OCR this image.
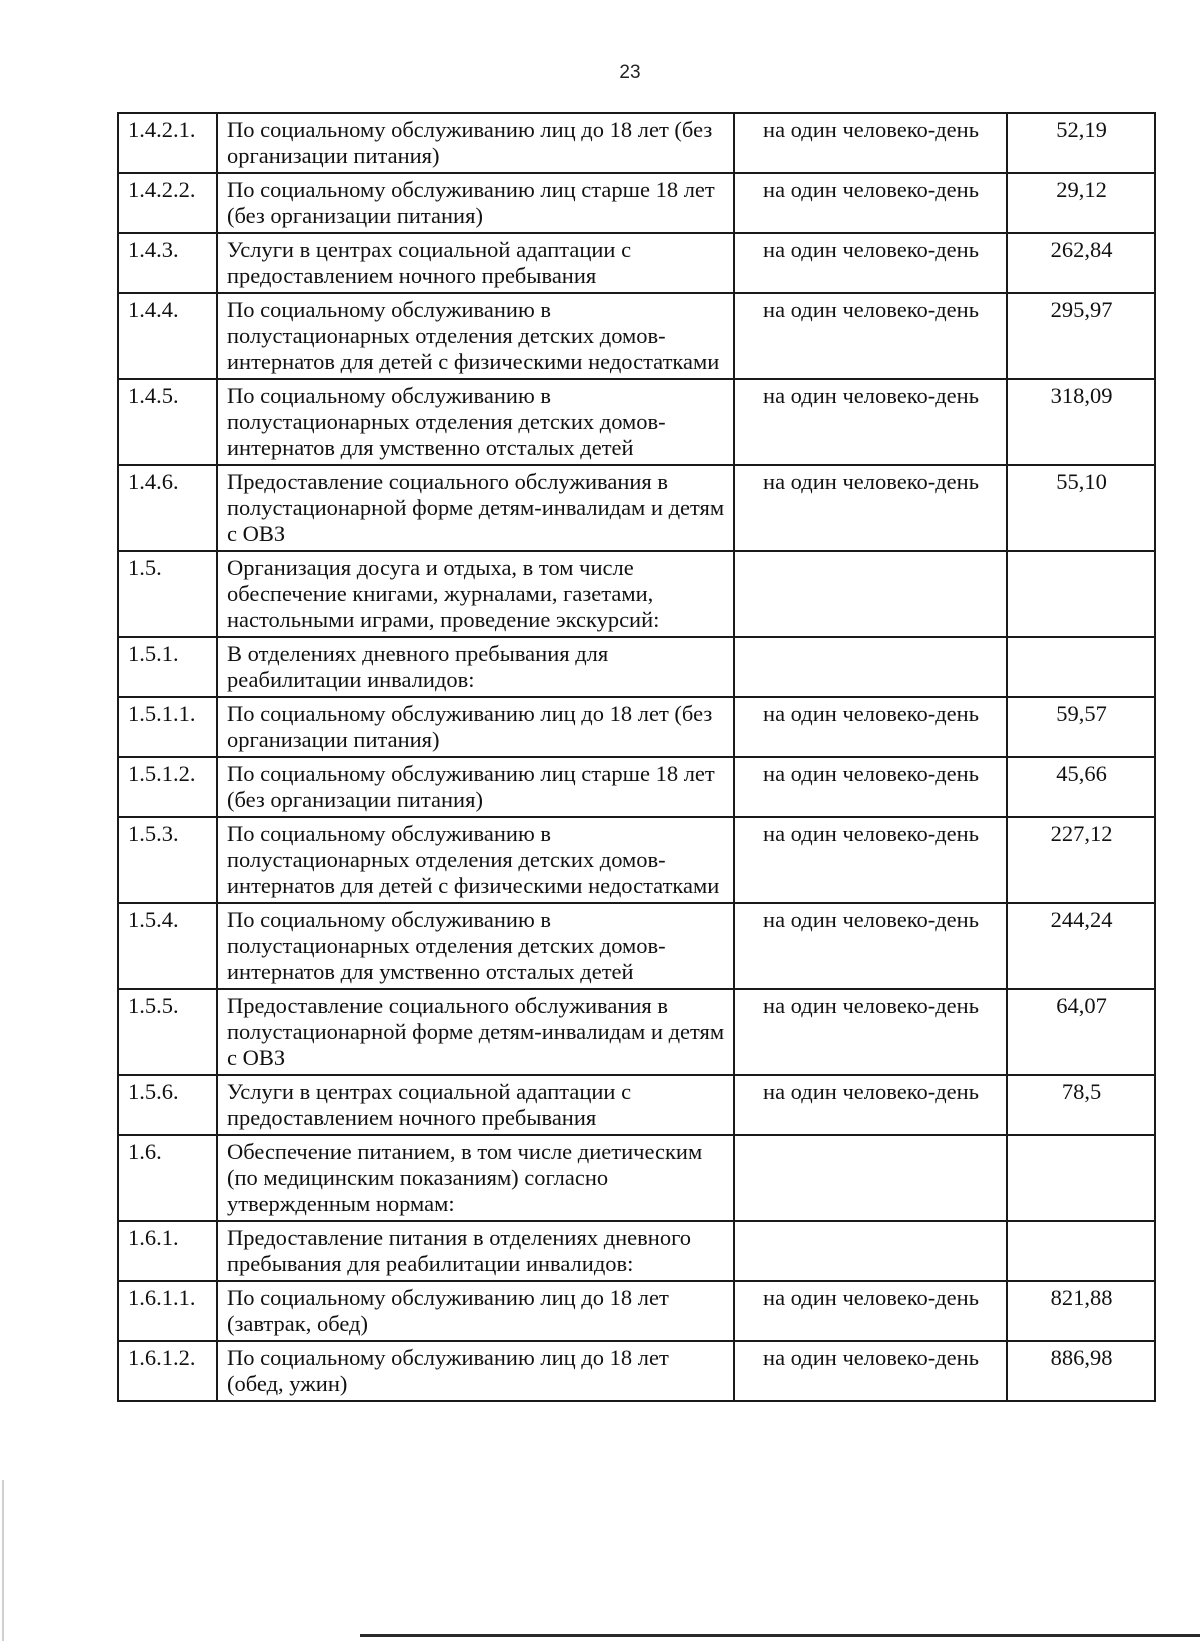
23
1.4.2.1.	По социальному обслуживанию лиц до 18 лет (без организации питания)	на один человеко-день	52,19
1.4.2.2.	По социальному обслуживанию лиц старше 18 лет (без организации питания)	на один человеко-день	29,12
1.4.3.	Услуги в центрах социальной адаптации с предоставлением ночного пребывания	на один человеко-день	262,84
1.4.4.	По социальному обслуживанию в полустационарных отделения детских домов-интернатов для детей с физическими недостатками	на один человеко-день	295,97
1.4.5.	По социальному обслуживанию в полустационарных отделения детских домов-интернатов для умственно отсталых детей	на один человеко-день	318,09
1.4.6.	Предоставление социального обслуживания в полустационарной форме детям-инвалидам и детям с ОВЗ	на один человеко-день	55,10
1.5.	Организация досуга и отдыха, в том числе обеспечение книгами, журналами, газетами, настольными играми, проведение экскурсий:		
1.5.1.	В отделениях дневного пребывания для реабилитации инвалидов:		
1.5.1.1.	По социальному обслуживанию лиц до 18 лет (без организации питания)	на один человеко-день	59,57
1.5.1.2.	По социальному обслуживанию лиц старше 18 лет (без организации питания)	на один человеко-день	45,66
1.5.3.	По социальному обслуживанию в полустационарных отделения детских домов-интернатов для детей с физическими недостатками	на один человеко-день	227,12
1.5.4.	По социальному обслуживанию в полустационарных отделения детских домов-интернатов для умственно отсталых детей	на один человеко-день	244,24
1.5.5.	Предоставление социального обслуживания в полустационарной форме детям-инвалидам и детям с ОВЗ	на один человеко-день	64,07
1.5.6.	Услуги в центрах социальной адаптации с предоставлением ночного пребывания	на один человеко-день	78,5
1.6.	Обеспечение питанием, в том числе диетическим (по медицинским показаниям) согласно утвержденным нормам:		
1.6.1.	Предоставление питания в отделениях дневного пребывания для реабилитации инвалидов:		
1.6.1.1.	По социальному обслуживанию лиц до 18 лет (завтрак, обед)	на один человеко-день	821,88
1.6.1.2.	По социальному обслуживанию лиц до 18 лет (обед, ужин)	на один человеко-день	886,98
